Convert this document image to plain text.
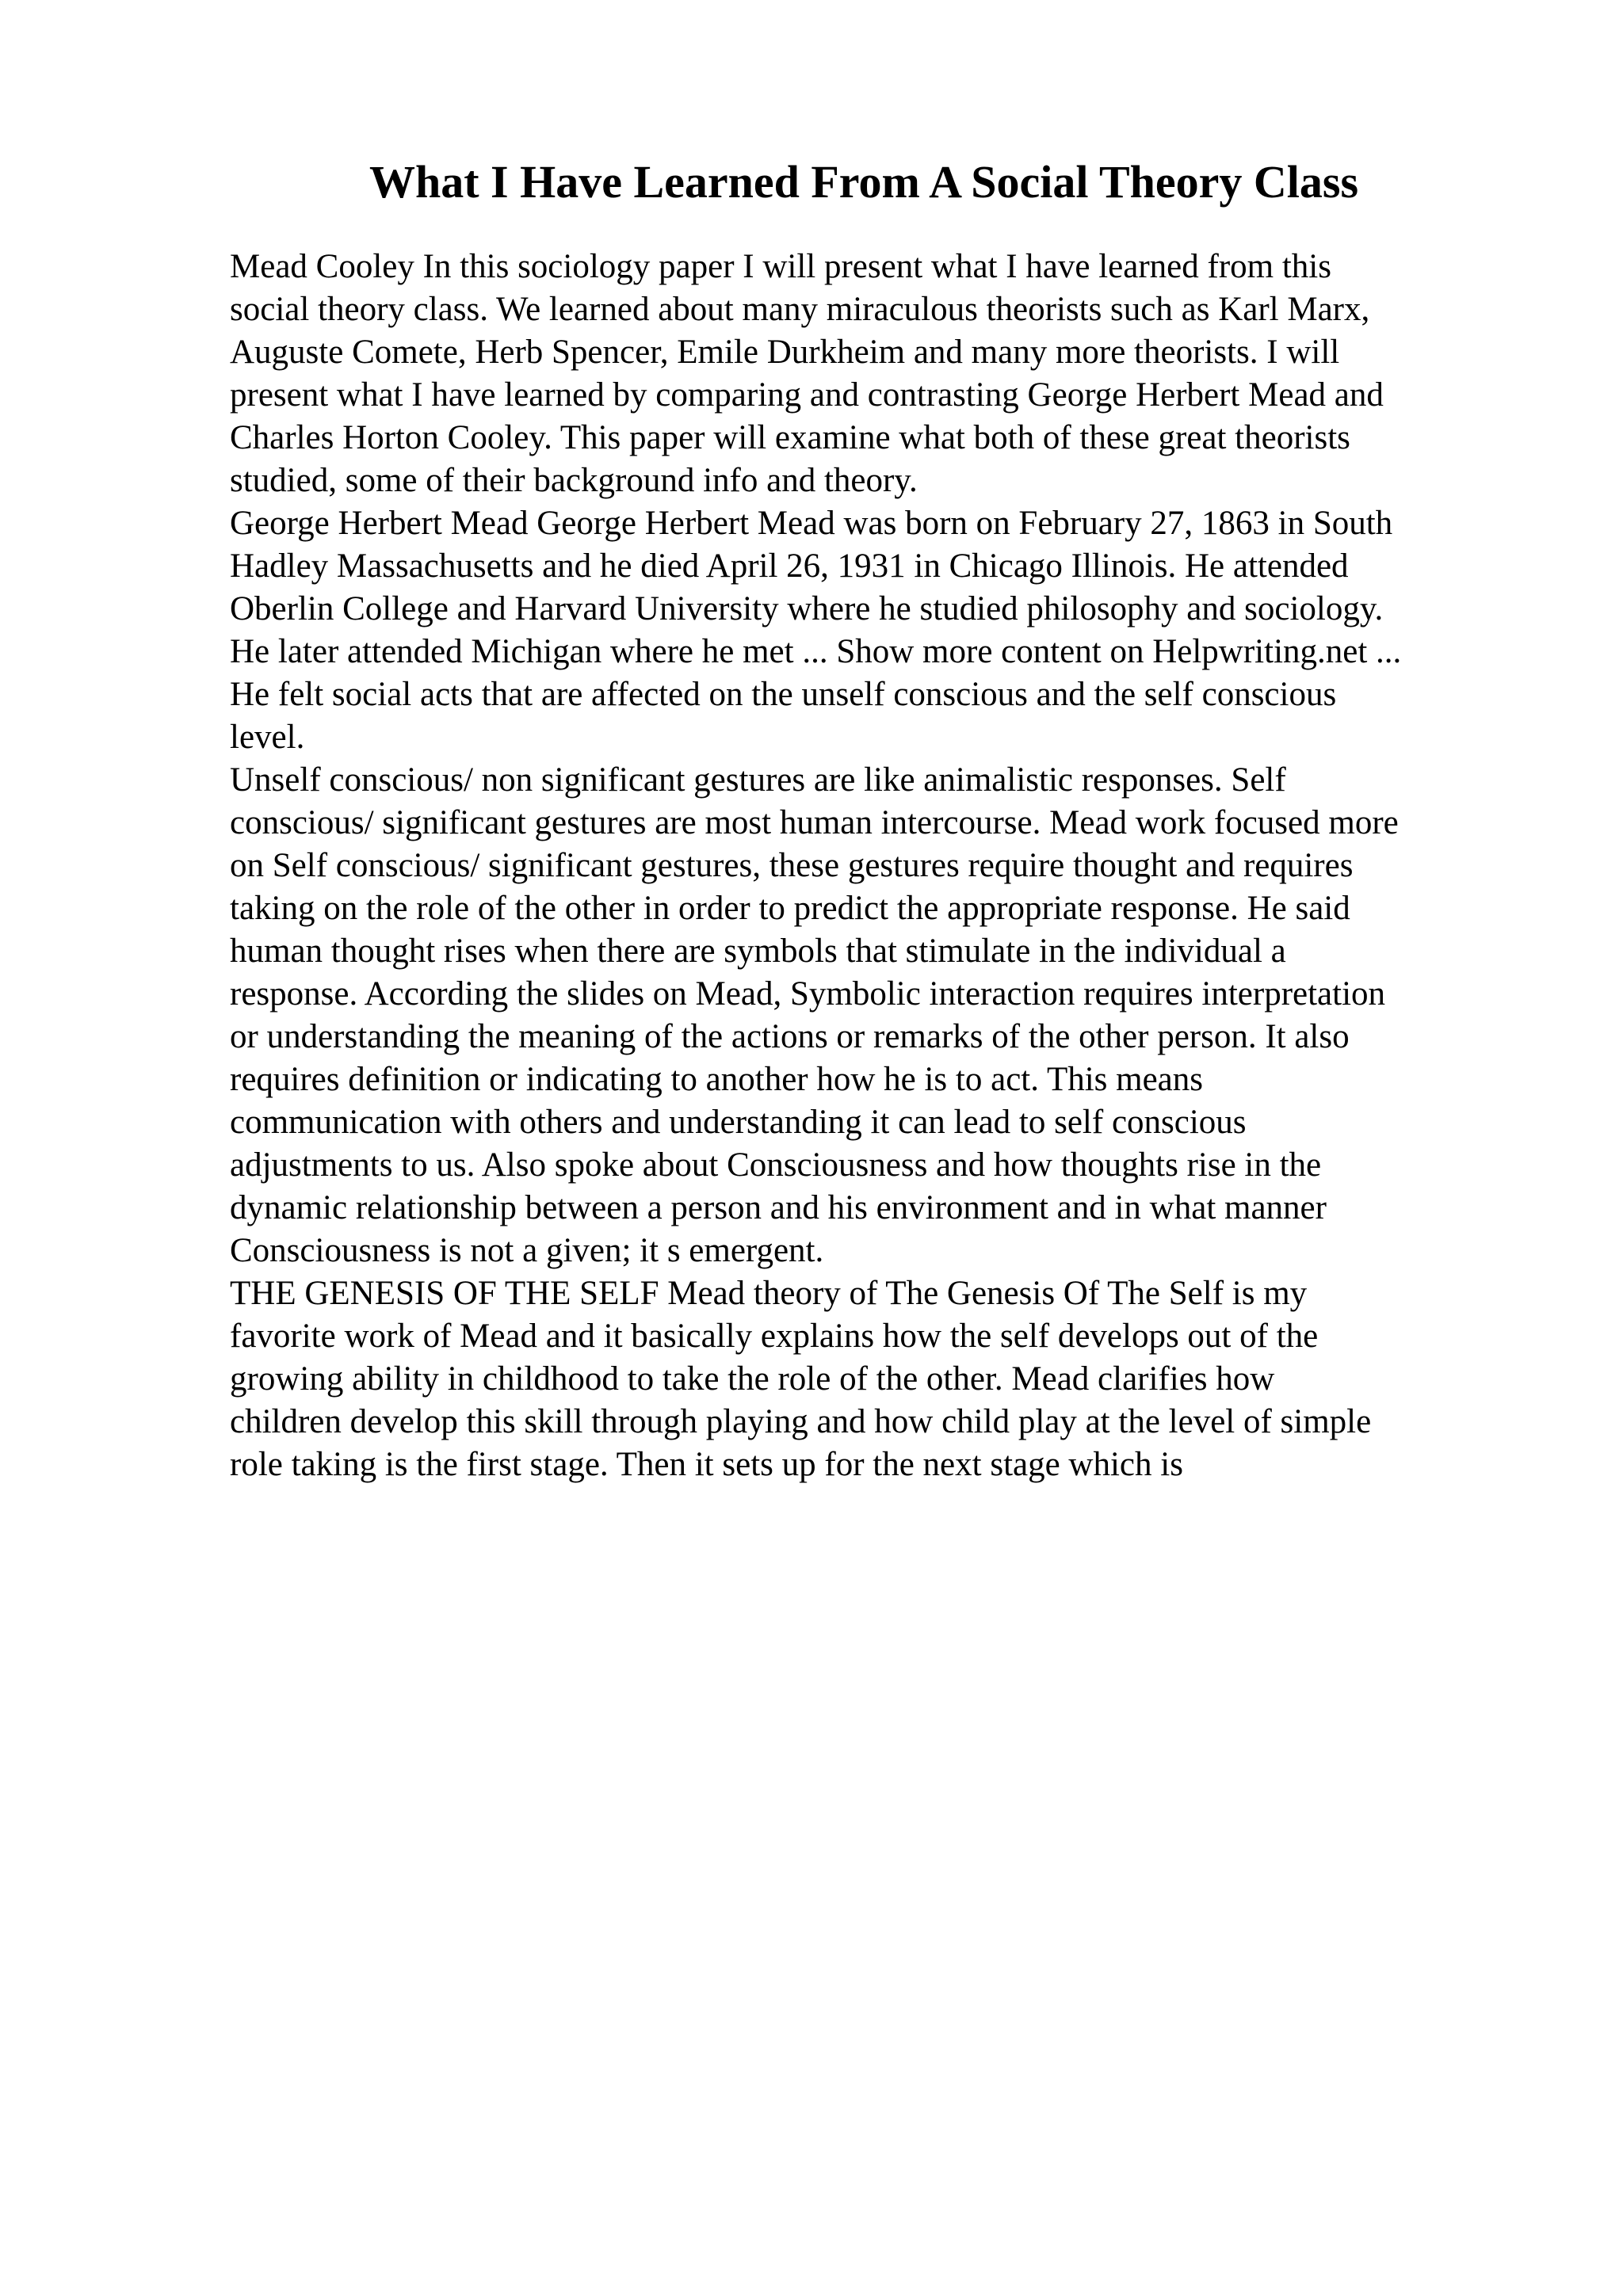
What I Have Learned From A Social Theory Class
Mead Cooley In this sociology paper I will present what I have learned from this
social theory class. We learned about many miraculous theorists such as Karl Marx,
Auguste Comete, Herb Spencer, Emile Durkheim and many more theorists. I will
present what I have learned by comparing and contrasting George Herbert Mead and
Charles Horton Cooley. This paper will examine what both of these great theorists
studied, some of their background info and theory.
George Herbert Mead George Herbert Mead was born on February 27, 1863 in South
Hadley Massachusetts and he died April 26, 1931 in Chicago Illinois. He attended
Oberlin College and Harvard University where he studied philosophy and sociology.
He later attended Michigan where he met ... Show more content on Helpwriting.net ...
He felt social acts that are affected on the unself conscious and the self conscious
level.
Unself conscious/ non significant gestures are like animalistic responses. Self
conscious/ significant gestures are most human intercourse. Mead work focused more
on Self conscious/ significant gestures, these gestures require thought and requires
taking on the role of the other in order to predict the appropriate response. He said
human thought rises when there are symbols that stimulate in the individual a
response. According the slides on Mead, Symbolic interaction requires interpretation
or understanding the meaning of the actions or remarks of the other person. It also
requires definition or indicating to another how he is to act. This means
communication with others and understanding it can lead to self conscious
adjustments to us. Also spoke about Consciousness and how thoughts rise in the
dynamic relationship between a person and his environment and in what manner
Consciousness is not a given; it s emergent.
THE GENESIS OF THE SELF Mead theory of The Genesis Of The Self is my
favorite work of Mead and it basically explains how the self develops out of the
growing ability in childhood to take the role of the other. Mead clarifies how
children develop this skill through playing and how child play at the level of simple
role taking is the first stage. Then it sets up for the next stage which is
